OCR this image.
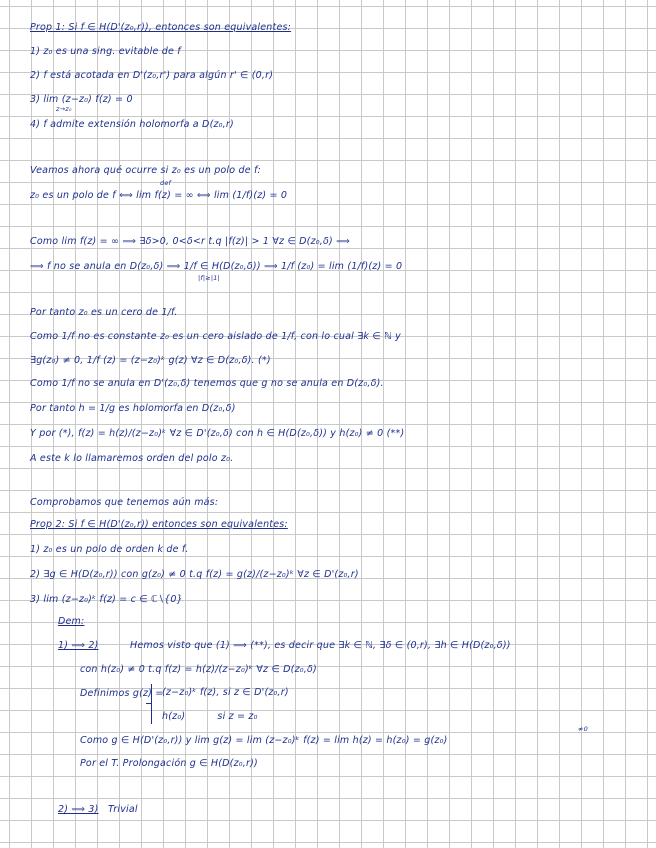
Prop 1: Si f ∈ H(D'(z₀,r)), entonces son equivalentes:
1) z₀ es una sing. evitable de f
2) f está acotada en D'(z₀,r') para algún r' ∈ (0,r)
3) lim (z−z₀) f(z) = 0
z→z₀
4) f admite extensión holomorfa a D(z₀,r)
Veamos ahora qué ocurre si z₀ es un polo de f:
def
z₀ es un polo de f ⟺ lim f(z) = ∞ ⟺ lim (1/f)(z) = 0
Como lim f(z) = ∞ ⟹ ∃δ>0, 0<δ<r t.q |f(z)| > 1 ∀z ∈ D(z₀,δ) ⟹
⟹ f no se anula en D(z₀,δ) ⟹ 1/f ∈ H(D(z₀,δ)) ⟹ 1/f (z₀) = lim (1/f)(z) = 0
|f|≥|1|
Por tanto z₀ es un cero de 1/f.
Como 1/f no es constante z₀ es un cero aislado de 1/f, con lo cual ∃k ∈ ℕ y
∃g(z₀) ≠ 0, 1/f (z) = (z−z₀)ᵏ g(z) ∀z ∈ D(z₀,δ). (*)
Como 1/f no se anula en D'(z₀,δ) tenemos que g no se anula en D(z₀,δ).
Por tanto h = 1/g es holomorfa en D(z₀,δ)
Y por (*), f(z) = h(z)/(z−z₀)ᵏ ∀z ∈ D'(z₀,δ) con h ∈ H(D(z₀,δ)) y h(z₀) ≠ 0 (**)
A este k lo llamaremos orden del polo z₀.
Comprobamos que tenemos aún más:
Prop 2: Si f ∈ H(D'(z₀,r)) entonces son equivalentes:
1) z₀ es un polo de orden k de f.
2) ∃g ∈ H(D(z₀,r)) con g(z₀) ≠ 0 t.q f(z) = g(z)/(z−z₀)ᵏ ∀z ∈ D'(z₀,r)
3) lim (z−z₀)ᵏ f(z) = c ∈ ℂ∖{0}
Dem:
1) ⟹ 2)	Hemos visto que (1) ⟹ (**), es decir que ∃k ∈ ℕ, ∃δ ∈ (0,r), ∃h ∈ H(D(z₀,δ))
con h(z₀) ≠ 0 t.q f(z) = h(z)/(z−z₀)ᵏ ∀z ∈ D(z₀,δ)
Definimos g(z) =
(z−z₀)ᵏ f(z), si z ∈ D'(z₀,r)
h(z₀)          si z = z₀
≠0
Como g ∈ H(D'(z₀,r)) y lim g(z) = lim (z−z₀)ᵏ f(z) = lim h(z) = h(z₀) = g(z₀)
Por el T. Prolongación g ∈ H(D(z₀,r))
2) ⟹ 3) Trivial
